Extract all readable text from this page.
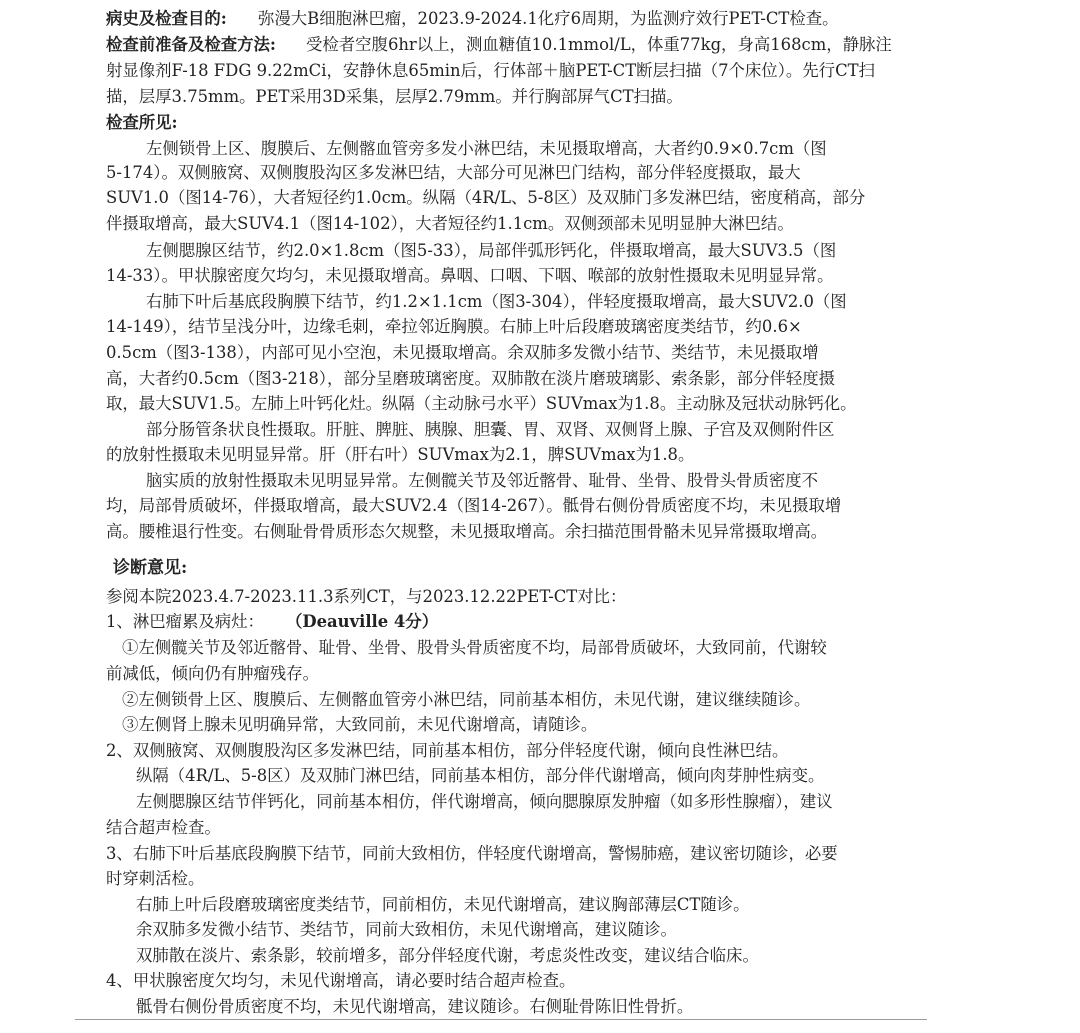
病史及检查目的: 弥漫大B细胞淋巴瘤，2023.9-2024.1化疗6周期，为监测疗效行PET-CT检查。
检查前准备及检查方法: 受检者空腹6hr以上，测血糖值10.1mmol/L，体重77kg，身高168cm，静脉注
射显像剂F-18 FDG 9.22mCi，安静休息65min后，行体部＋脑PET-CT断层扫描（7个床位）。先行CT扫
描，层厚3.75mm。PET采用3D采集，层厚2.79mm。并行胸部屏气CT扫描。
检查所见:
左侧锁骨上区、腹膜后、左侧髂血管旁多发小淋巴结，未见摄取增高，大者约0.9×0.7cm（图
5-174）。双侧腋窝、双侧腹股沟区多发淋巴结，大部分可见淋巴门结构，部分伴轻度摄取，最大
SUV1.0（图14-76），大者短径约1.0cm。纵隔（4R/L、5-8区）及双肺门多发淋巴结，密度稍高，部分
伴摄取增高，最大SUV4.1（图14-102），大者短径约1.1cm。双侧颈部未见明显肿大淋巴结。
左侧腮腺区结节，约2.0×1.8cm（图5-33），局部伴弧形钙化，伴摄取增高，最大SUV3.5（图
14-33）。甲状腺密度欠均匀，未见摄取增高。鼻咽、口咽、下咽、喉部的放射性摄取未见明显异常。
右肺下叶后基底段胸膜下结节，约1.2×1.1cm（图3-304），伴轻度摄取增高，最大SUV2.0（图
14-149），结节呈浅分叶，边缘毛刺，牵拉邻近胸膜。右肺上叶后段磨玻璃密度类结节，约0.6×
0.5cm（图3-138），内部可见小空泡，未见摄取增高。余双肺多发微小结节、类结节，未见摄取增
高，大者约0.5cm（图3-218），部分呈磨玻璃密度。双肺散在淡片磨玻璃影、索条影，部分伴轻度摄
取，最大SUV1.5。左肺上叶钙化灶。纵隔（主动脉弓水平）SUVmax为1.8。主动脉及冠状动脉钙化。
部分肠管条状良性摄取。肝脏、脾脏、胰腺、胆囊、胃、双肾、双侧肾上腺、子宫及双侧附件区
的放射性摄取未见明显异常。肝（肝右叶）SUVmax为2.1，脾SUVmax为1.8。
脑实质的放射性摄取未见明显异常。左侧髋关节及邻近髂骨、耻骨、坐骨、股骨头骨质密度不
均，局部骨质破坏，伴摄取增高，最大SUV2.4（图14-267）。骶骨右侧份骨质密度不均，未见摄取增
高。腰椎退行性变。右侧耻骨骨质形态欠规整，未见摄取增高。余扫描范围骨骼未见异常摄取增高。
诊断意见:
参阅本院2023.4.7-2023.11.3系列CT，与2023.12.22PET-CT对比：
1、淋巴瘤累及病灶： （Deauville 4分）
①左侧髋关节及邻近髂骨、耻骨、坐骨、股骨头骨质密度不均，局部骨质破坏，大致同前，代谢较
前减低，倾向仍有肿瘤残存。
②左侧锁骨上区、腹膜后、左侧髂血管旁小淋巴结，同前基本相仿，未见代谢，建议继续随诊。
③左侧肾上腺未见明确异常，大致同前，未见代谢增高，请随诊。
2、双侧腋窝、双侧腹股沟区多发淋巴结，同前基本相仿，部分伴轻度代谢，倾向良性淋巴结。
纵隔（4R/L、5-8区）及双肺门淋巴结，同前基本相仿，部分伴代谢增高，倾向肉芽肿性病变。
左侧腮腺区结节伴钙化，同前基本相仿，伴代谢增高，倾向腮腺原发肿瘤（如多形性腺瘤），建议
结合超声检查。
3、右肺下叶后基底段胸膜下结节，同前大致相仿，伴轻度代谢增高，警惕肺癌，建议密切随诊，必要
时穿刺活检。
右肺上叶后段磨玻璃密度类结节，同前相仿，未见代谢增高，建议胸部薄层CT随诊。
余双肺多发微小结节、类结节，同前大致相仿，未见代谢增高，建议随诊。
双肺散在淡片、索条影，较前增多，部分伴轻度代谢，考虑炎性改变，建议结合临床。
4、甲状腺密度欠均匀，未见代谢增高，请必要时结合超声检查。
骶骨右侧份骨质密度不均，未见代谢增高，建议随诊。右侧耻骨陈旧性骨折。
